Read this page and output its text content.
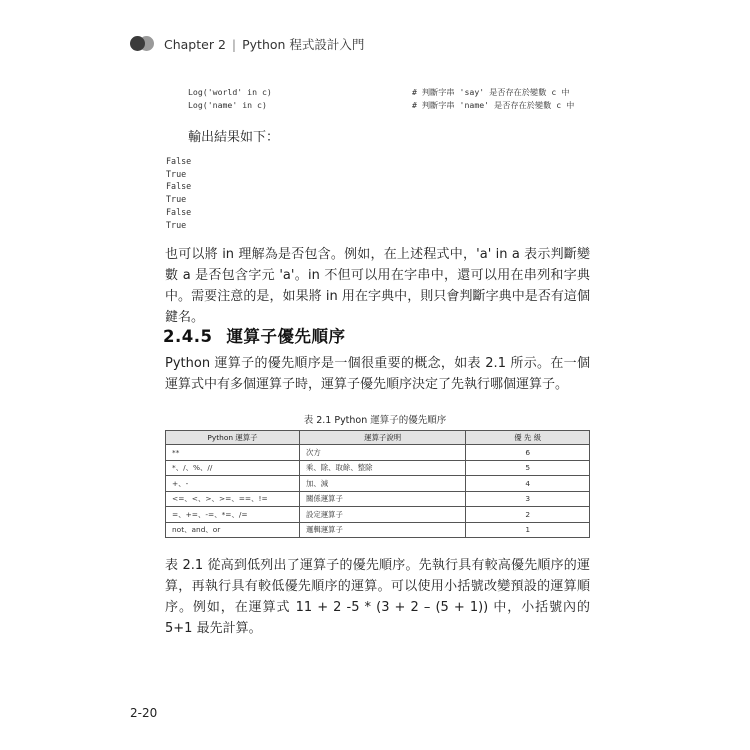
Chapter 2 | Python 程式設計入門
Log('world' in c)	# 判斷字串 'say' 是否存在於變數 c 中
Log('name' in c)	# 判斷字串 'name' 是否存在於變數 c 中
輸出結果如下：
False
True
False
True
False
True
也可以將 in 理解為是否包含。例如，在上述程式中，'a' in a 表示判斷變數 a 是否包含字元 'a'。in 不但可以用在字串中，還可以用在串列和字典中。需要注意的是，如果將 in 用在字典中，則只會判斷字典中是否有這個鍵名。
2.4.5 運算子優先順序
Python 運算子的優先順序是一個很重要的概念，如表 2.1 所示。在一個運算式中有多個運算子時，運算子優先順序決定了先執行哪個運算子。
表 2.1 Python 運算子的優先順序
Python 運算子	運算子說明	優 先 級
**	次方	6
*、/、%、//	乘、除、取餘、整除	5
+、-	加、減	4
<=、<、>、>=、==、!=	關係運算子	3
=、+=、-=、*=、/=	設定運算子	2
not、and、or	邏輯運算子	1
表 2.1 從高到低列出了運算子的優先順序。先執行具有較高優先順序的運算，再執行具有較低優先順序的運算。可以使用小括號改變預設的運算順序。例如，在運算式 11 + 2 -5 * (3 + 2 – (5 + 1)) 中，小括號內的 5+1 最先計算。
2-20
